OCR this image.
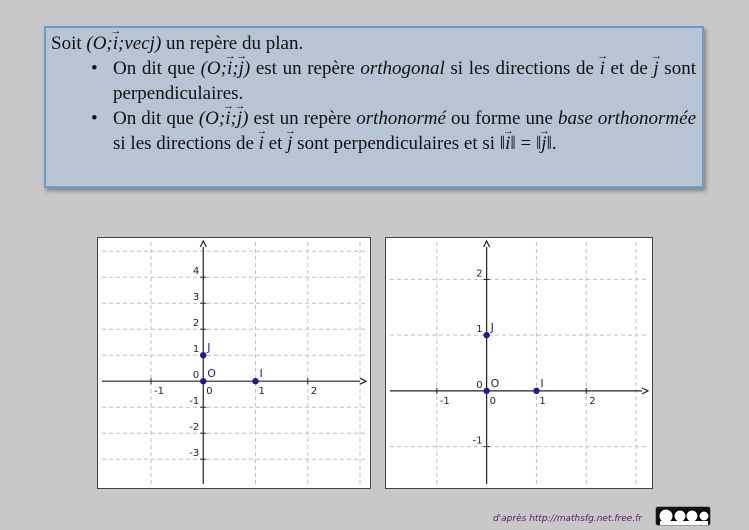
Soit (O;i →;vecj) un repère du plan.
• On dit que (O;i →;j →) est un repère orthogonal si les directions de i → et de j → sont perpendiculaires.
• On dit que (O;i →;j →) est un repère orthonormé ou forme une base orthonormée si les directions de i → et j → sont perpendiculaires et si ‖i →‖ = ‖j →‖.
-1	0	1	2
-3
-2
-1
1
2
3
4
0 O	I
J
-1	0	1	2
-1
1
2
0 O	I
J
d'après http://mathsfg.net.free.fr
